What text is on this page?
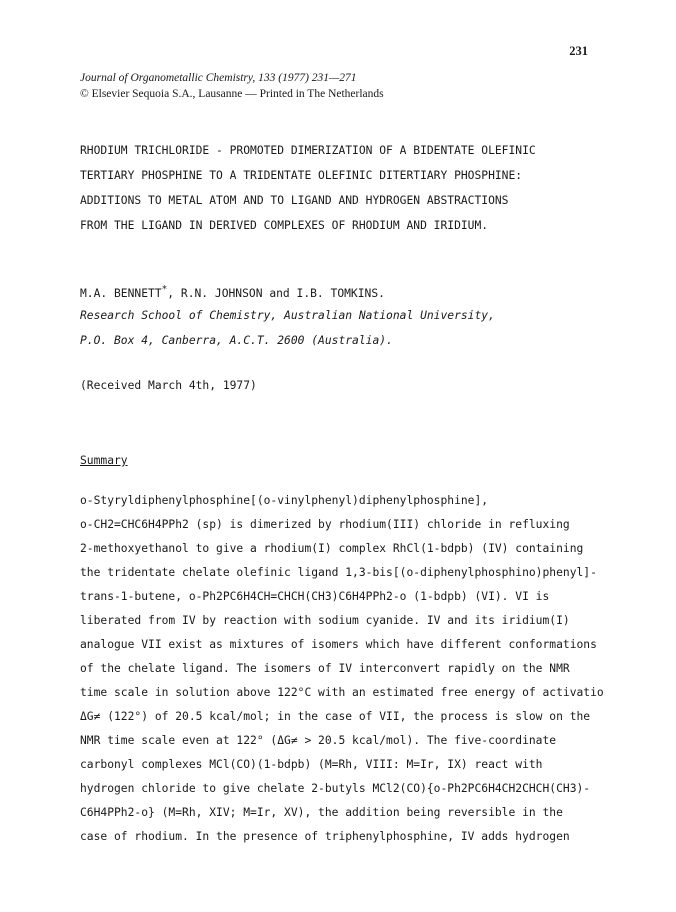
231
Journal of Organometallic Chemistry, 133 (1977) 231—271
© Elsevier Sequoia S.A., Lausanne — Printed in The Netherlands
RHODIUM TRICHLORIDE - PROMOTED DIMERIZATION OF A BIDENTATE OLEFINIC
TERTIARY PHOSPHINE TO A TRIDENTATE OLEFINIC DITERTIARY PHOSPHINE:
ADDITIONS TO METAL ATOM AND TO LIGAND AND HYDROGEN ABSTRACTIONS
FROM THE LIGAND IN DERIVED COMPLEXES OF RHODIUM AND IRIDIUM.
M.A. BENNETT*, R.N. JOHNSON and I.B. TOMKINS.
Research School of Chemistry, Australian National University,
P.O. Box 4, Canberra, A.C.T. 2600 (Australia).
(Received March 4th, 1977)
Summary
o-Styryldiphenylphosphine[(o-vinylphenyl)diphenylphosphine],
o-CH2=CHC6H4PPh2 (sp) is dimerized by rhodium(III) chloride in refluxing
2-methoxyethanol to give a rhodium(I) complex RhCl(1-bdpb) (IV) containing
the tridentate chelate olefinic ligand 1,3-bis[(o-diphenylphosphino)phenyl]-
trans-1-butene, o-Ph2PC6H4CH=CHCH(CH3)C6H4PPh2-o (1-bdpb) (VI). VI is
liberated from IV by reaction with sodium cyanide. IV and its iridium(I)
analogue VII exist as mixtures of isomers which have different conformations
of the chelate ligand. The isomers of IV interconvert rapidly on the NMR
time scale in solution above 122°C with an estimated free energy of activatio
ΔG≠ (122°) of 20.5 kcal/mol; in the case of VII, the process is slow on the
NMR time scale even at 122° (ΔG≠ > 20.5 kcal/mol). The five-coordinate
carbonyl complexes MCl(CO)(1-bdpb) (M=Rh, VIII: M=Ir, IX) react with
hydrogen chloride to give chelate 2-butyls MCl2(CO){o-Ph2PC6H4CH2CHCH(CH3)-
C6H4PPh2-o} (M=Rh, XIV; M=Ir, XV), the addition being reversible in the
case of rhodium. In the presence of triphenylphosphine, IV adds hydrogen
